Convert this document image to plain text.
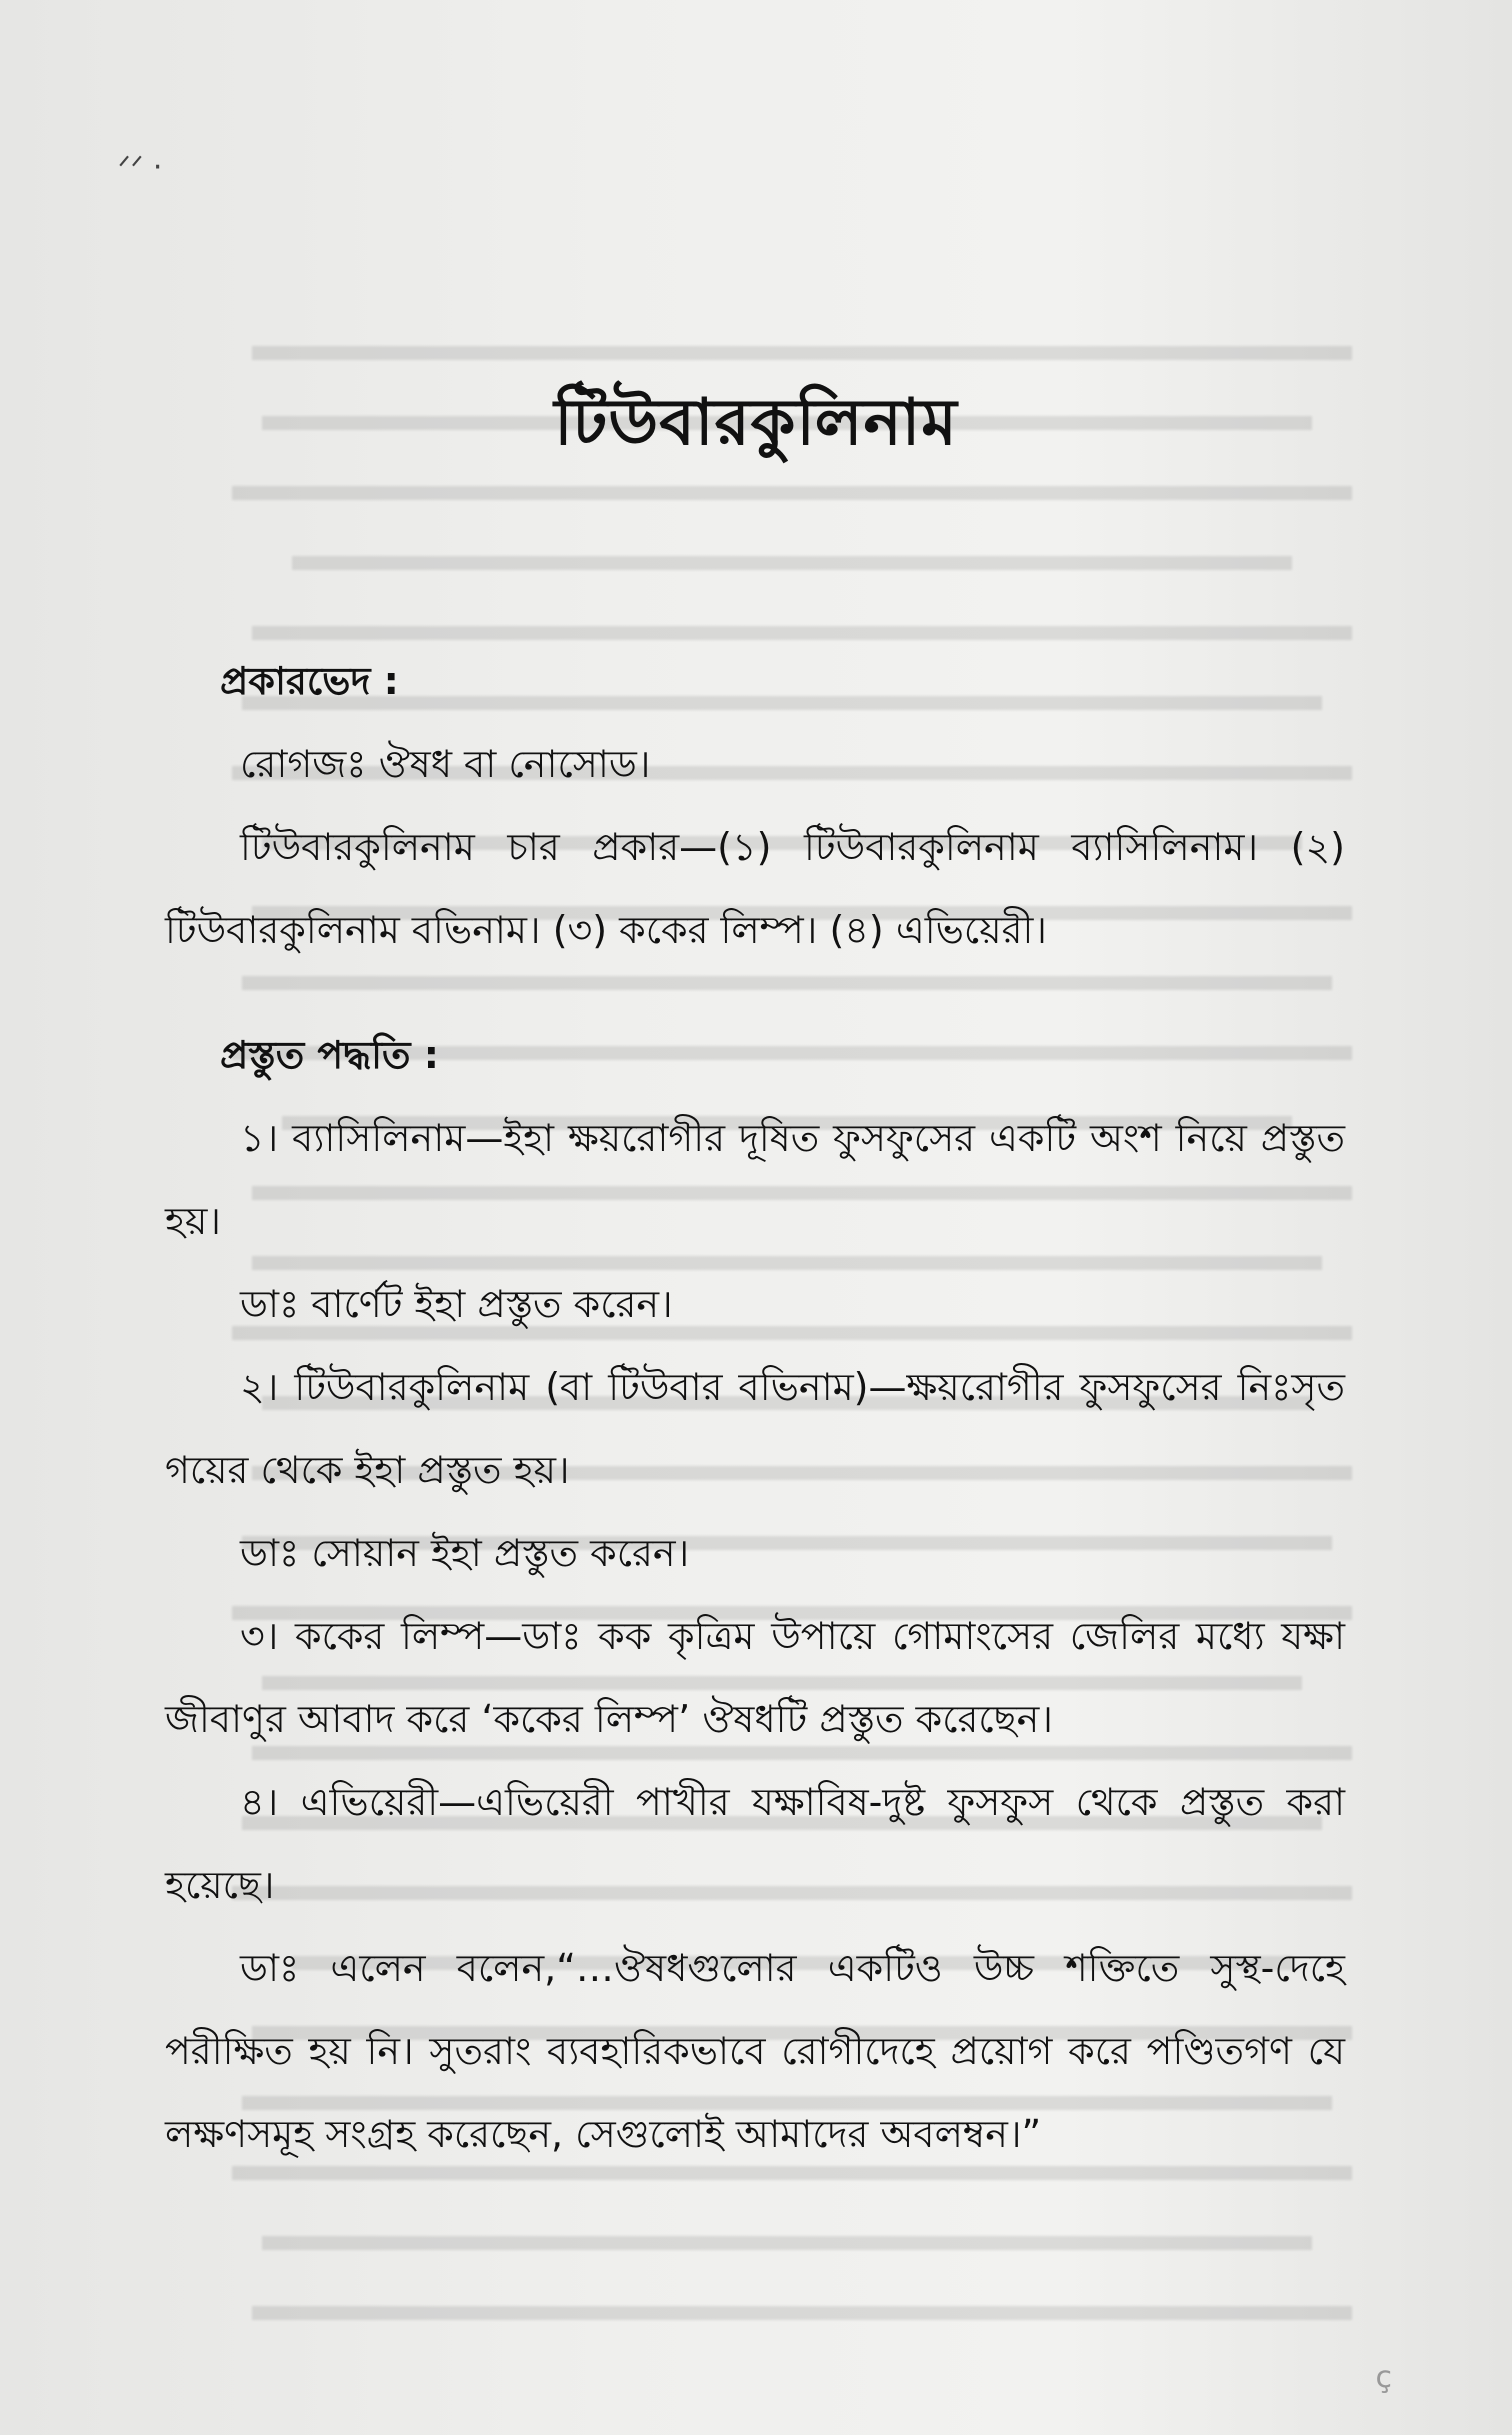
ᐟᐟ ·
টিউবারকুলিনাম

প্রকারভেদ :

রোগজঃ ঔষধ বা নোসোড।

টিউবারকুলিনাম চার প্রকার—(১) টিউবারকুলিনাম ব্যাসিলিনাম। (২) টিউবারকুলিনাম বভিনাম। (৩) ককের লিম্প। (৪) এভিয়েরী।

প্রস্তুত পদ্ধতি :

১। ব্যাসিলিনাম—ইহা ক্ষয়রোগীর দূষিত ফুসফুসের একটি অংশ নিয়ে প্রস্তুত হয়।

ডাঃ বার্ণেট ইহা প্রস্তুত করেন।

২। টিউবারকুলিনাম (বা টিউবার বভিনাম)—ক্ষয়রোগীর ফুসফুসের নিঃসৃত গয়ের থেকে ইহা প্রস্তুত হয়।

ডাঃ সোয়ান ইহা প্রস্তুত করেন।

৩। ককের লিম্প—ডাঃ কক কৃত্রিম উপায়ে গোমাংসের জেলির মধ্যে যক্ষা জীবাণুর আবাদ করে ‘ককের লিম্প’ ঔষধটি প্রস্তুত করেছেন।

৪। এভিয়েরী—এভিয়েরী পাখীর যক্ষাবিষ-দুষ্ট ফুসফুস থেকে প্রস্তুত করা হয়েছে।

ডাঃ এলেন বলেন,“…ঔষধগুলোর একটিও উচ্চ শক্তিতে সুস্থ-দেহে পরীক্ষিত হয় নি। সুতরাং ব্যবহারিকভাবে রোগীদেহে প্রয়োগ করে পণ্ডিতগণ যে লক্ষণসমূহ সংগ্রহ করেছেন, সেগুলোই আমাদের অবলম্বন।”

ç
